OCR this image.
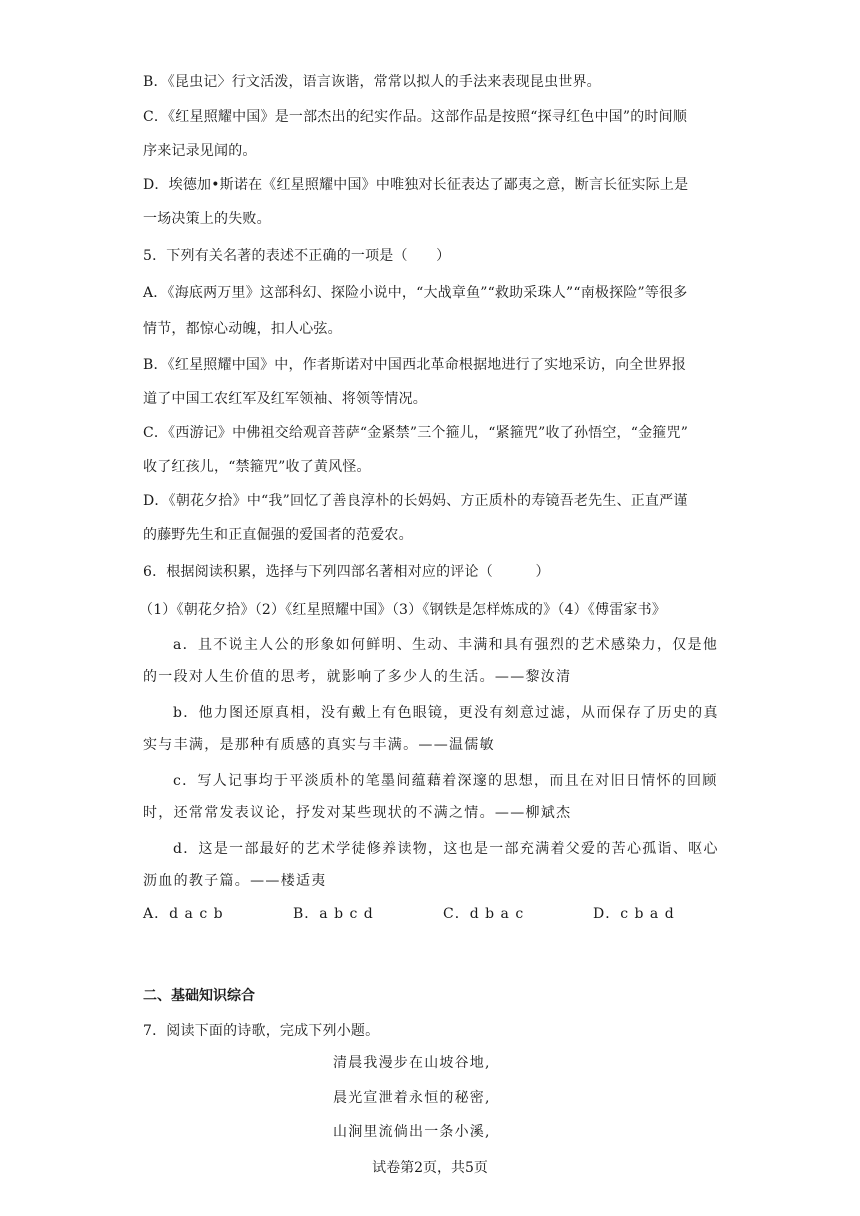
B．《昆虫记〉行文活泼，语言诙谐，常常以拟人的手法来表现昆虫世界。
C．《红星照耀中国》是一部杰出的纪实作品。这部作品是按照“探寻红色中国”的时间顺
序来记录见闻的。
D．埃德加•斯诺在《红星照耀中国》中唯独对长征表达了鄙夷之意，断言长征实际上是
一场决策上的失败。
5．下列有关名著的表述不正确的一项是（　　）
A．《海底两万里》这部科幻、探险小说中，“大战章鱼”“救助采珠人”“南极探险”等很多
情节，都惊心动魄，扣人心弦。
B．《红星照耀中国》中，作者斯诺对中国西北革命根据地进行了实地采访，向全世界报
道了中国工农红军及红军领袖、将领等情况。
C．《西游记》中佛祖交给观音菩萨“金紧禁”三个箍儿，“紧箍咒”收了孙悟空，“金箍咒”
收了红孩儿，“禁箍咒”收了黄风怪。
D．《朝花夕拾》中“我”回忆了善良淳朴的长妈妈、方正质朴的寿镜吾老先生、正直严谨
的藤野先生和正直倔强的爱国者的范爱农。
6．根据阅读积累，选择与下列四部名著相对应的评论（　　　）
（1）《朝花夕拾》（2）《红星照耀中国》（3）《钢铁是怎样炼成的》（4）《傅雷家书》
a．且不说主人公的形象如何鲜明、生动、丰满和具有强烈的艺术感染力，仅是他
的一段对人生价值的思考，就影响了多少人的生活。——黎汝清
b．他力图还原真相，没有戴上有色眼镜，更没有刻意过滤，从而保存了历史的真
实与丰满，是那种有质感的真实与丰满。——温儒敏
c．写人记事均于平淡质朴的笔墨间蕴藉着深邃的思想，而且在对旧日情怀的回顾
时，还常常发表议论，抒发对某些现状的不满之情。——柳斌杰
d．这是一部最好的艺术学徒修养读物，这也是一部充满着父爱的苦心孤诣、呕心
沥血的教子篇。——楼适夷
A．d a c b	B．a b c d	C．d b a c	D．c b a d
二、基础知识综合
7．阅读下面的诗歌，完成下列小题。
清晨我漫步在山坡谷地,
晨光宣泄着永恒的秘密,
山涧里流倘出一条小溪,
试卷第2页，共5页
